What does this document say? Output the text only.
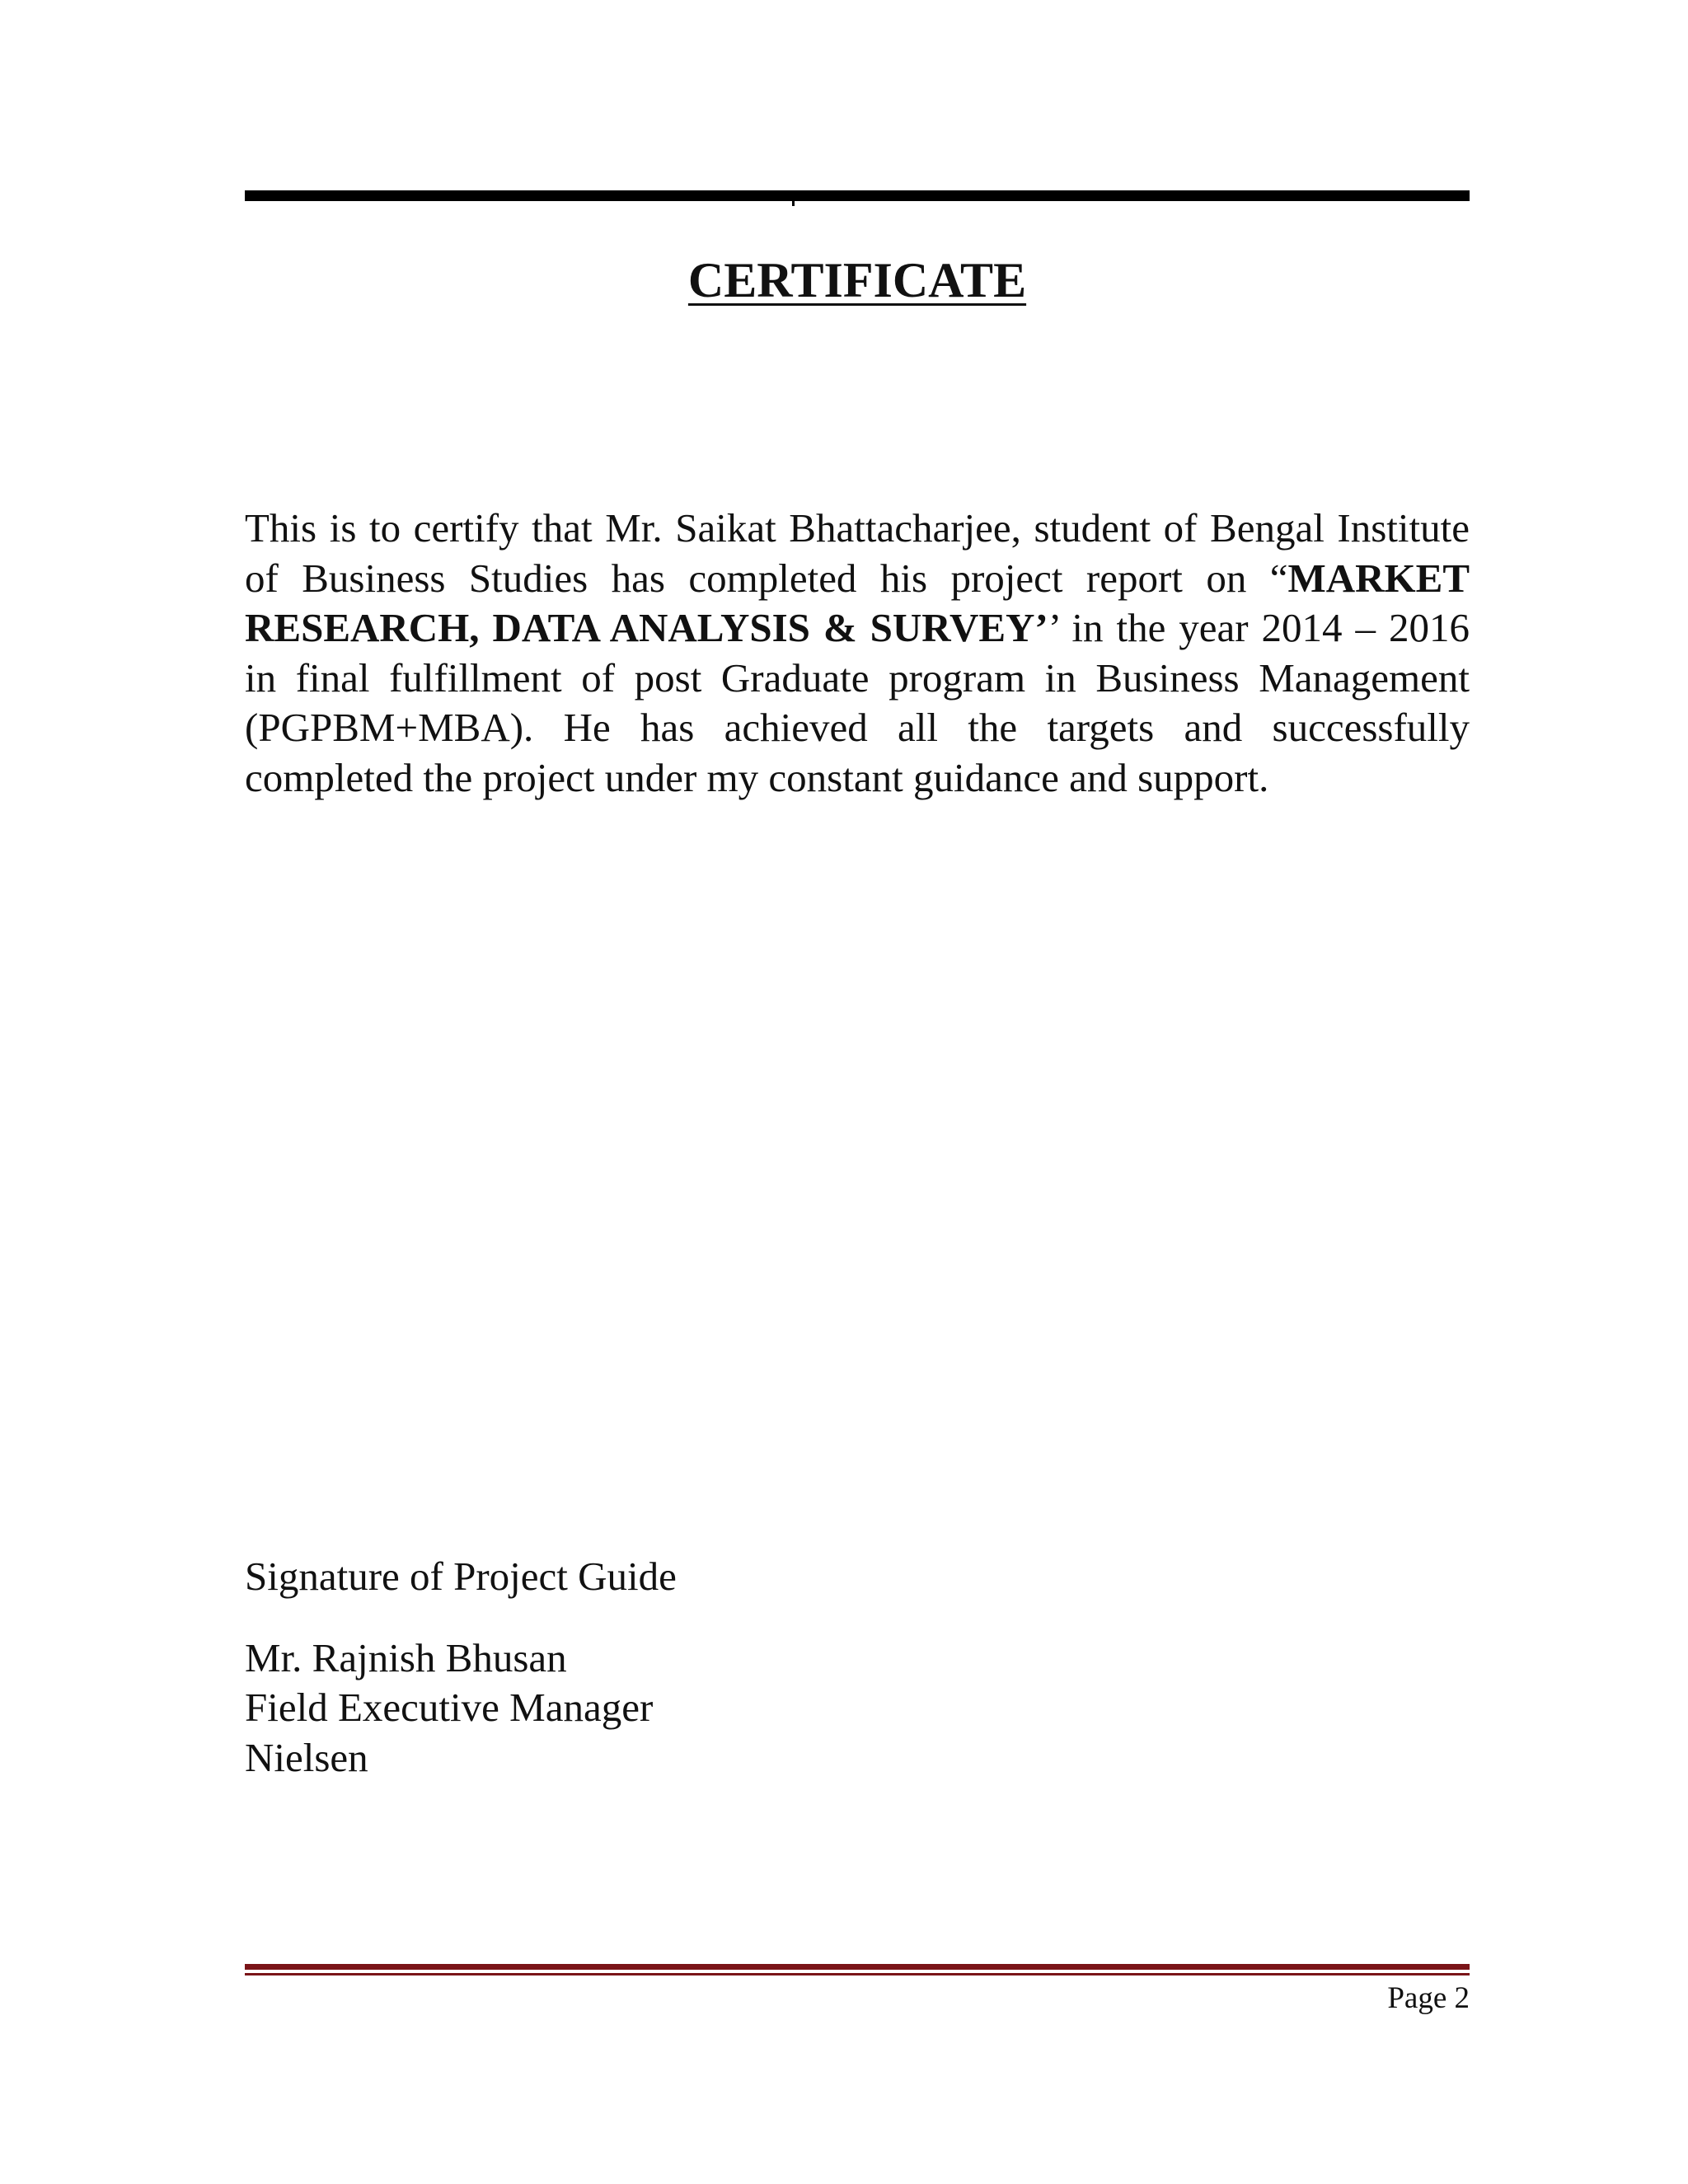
CERTIFICATE

This is to certify that Mr. Saikat Bhattacharjee, student of Bengal Institute of Business Studies has completed his project report on “MARKET RESEARCH, DATA ANALYSIS & SURVEY’’ in the year 2014 – 2016 in final fulfillment of post Graduate program in Business Management (PGPBM+MBA). He has achieved all the targets and successfully completed the project under my constant guidance and support.

Signature of Project Guide
Mr. Rajnish Bhusan
Field Executive Manager
Nielsen
Page 2
